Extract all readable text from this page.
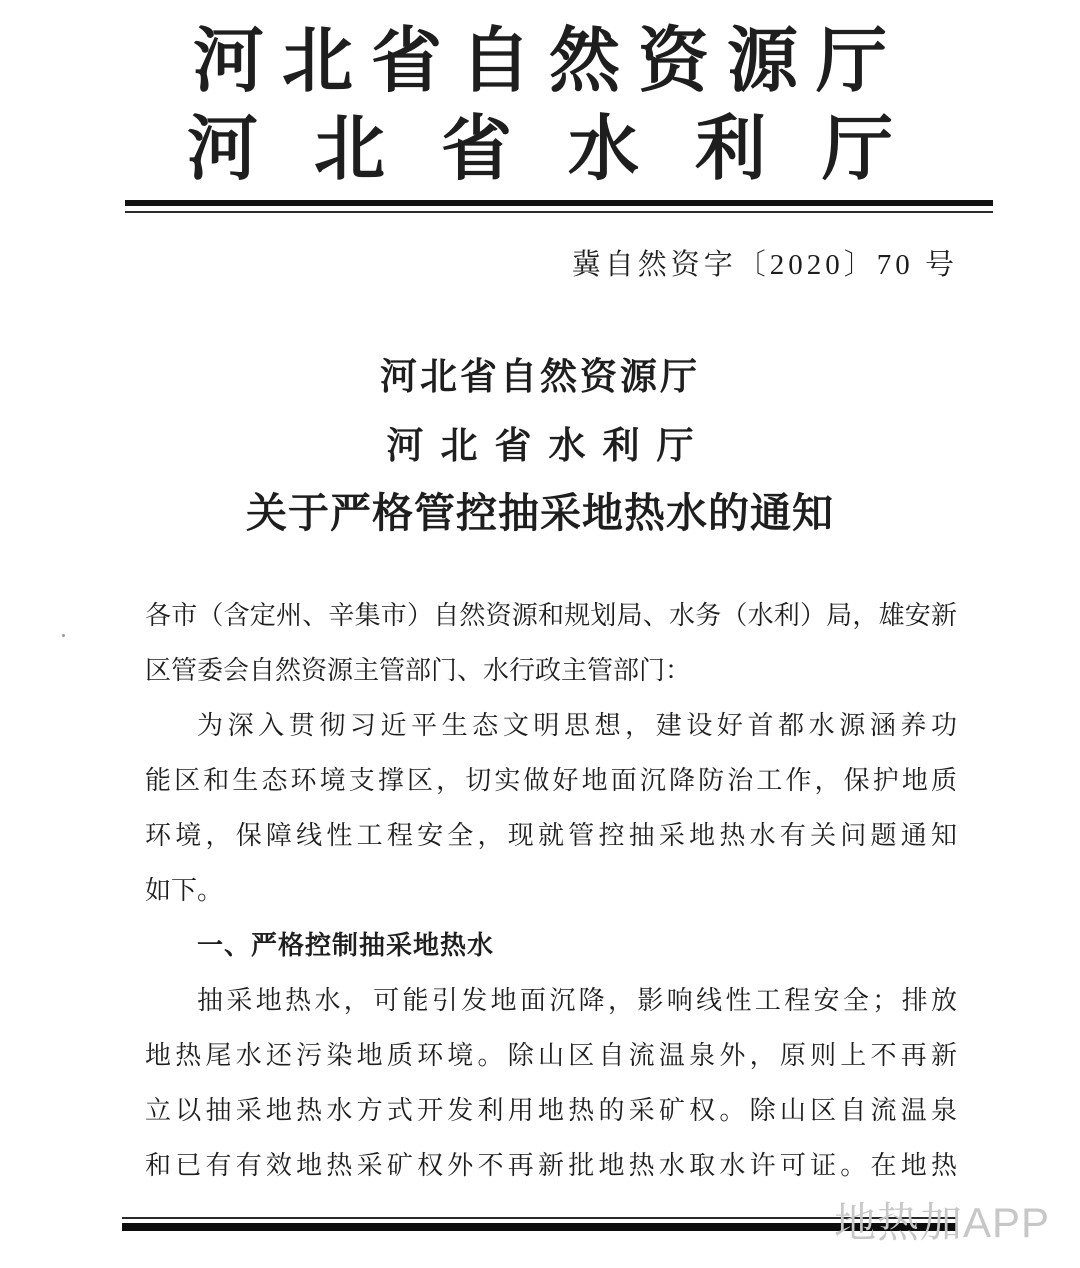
河北省自然资源厅
河北省水利厅
冀自然资字〔2020〕70 号
河北省自然资源厅
河北省水利厅
关于严格管控抽采地热水的通知
各市（含定州、辛集市）自然资源和规划局、水务（水利）局，雄安新
区管委会自然资源主管部门、水行政主管部门：
为深入贯彻习近平生态文明思想，建设好首都水源涵养功
能区和生态环境支撑区，切实做好地面沉降防治工作，保护地质
环境，保障线性工程安全，现就管控抽采地热水有关问题通知
如下。
一、严格控制抽采地热水
抽采地热水，可能引发地面沉降，影响线性工程安全；排放
地热尾水还污染地质环境。除山区自流温泉外，原则上不再新
立以抽采地热水方式开发利用地热的采矿权。除山区自流温泉
和已有有效地热采矿权外不再新批地热水取水许可证。在地热
地热加APP
